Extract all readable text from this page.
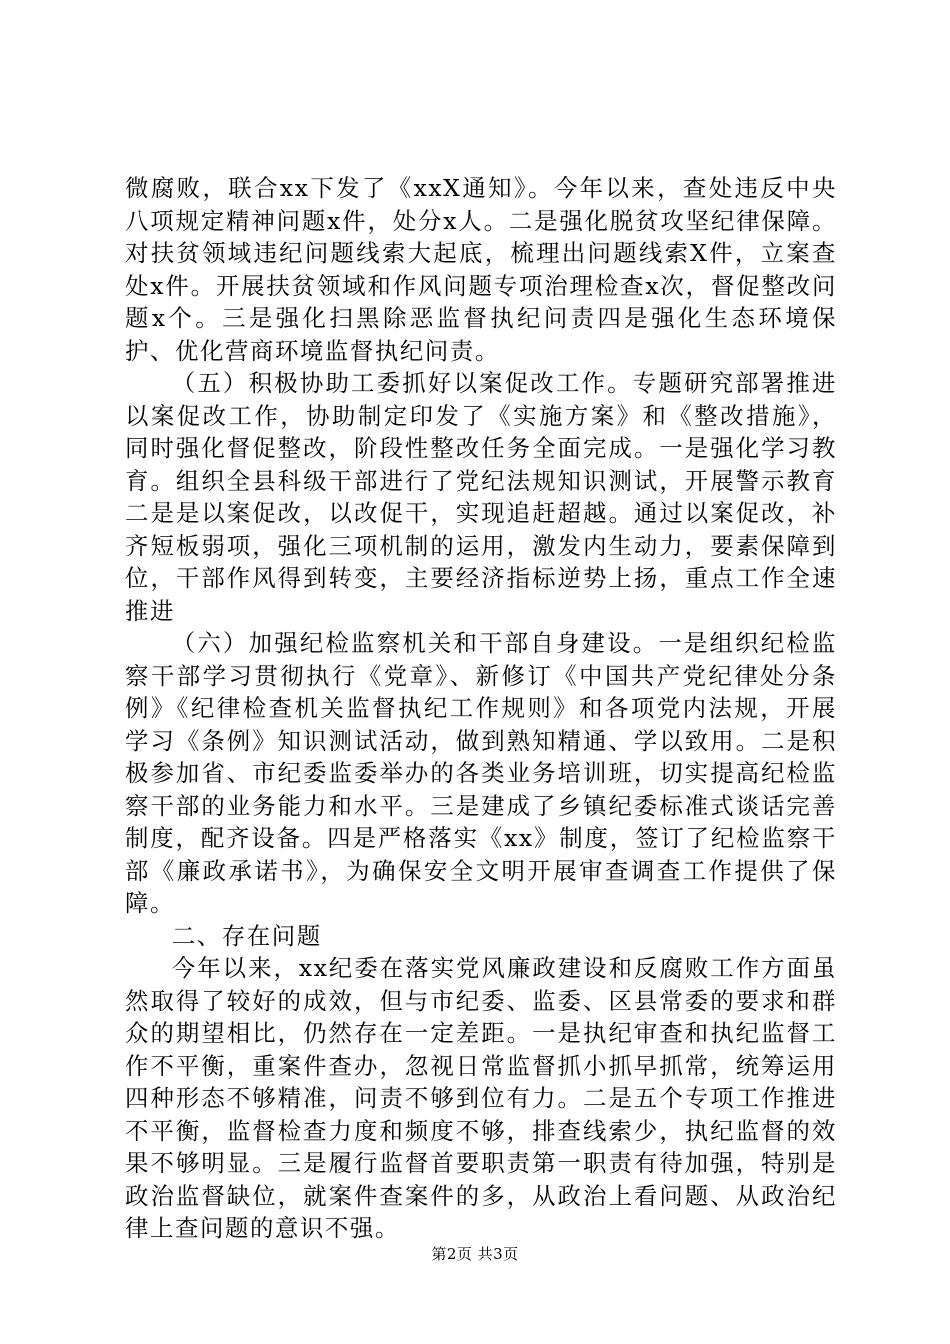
微腐败，联合xx下发了《xxX通知》。今年以来，查处违反中央八项规定精神问题x件，处分x人。二是强化脱贫攻坚纪律保障。对扶贫领域违纪问题线索大起底，梳理出问题线索X件，立案查处x件。开展扶贫领域和作风问题专项治理检查x次，督促整改问题x个。三是强化扫黑除恶监督执纪问责四是强化生态环境保护、优化营商环境监督执纪问责。

（五）积极协助工委抓好以案促改工作。专题研究部署推进以案促改工作，协助制定印发了《实施方案》和《整改措施》，同时强化督促整改，阶段性整改任务全面完成。一是强化学习教育。组织全县科级干部进行了党纪法规知识测试，开展警示教育二是是以案促改，以改促干，实现追赶超越。通过以案促改，补齐短板弱项，强化三项机制的运用，激发内生动力，要素保障到位，干部作风得到转变，主要经济指标逆势上扬，重点工作全速推进

（六）加强纪检监察机关和干部自身建设。一是组织纪检监察干部学习贯彻执行《党章》、新修订《中国共产党纪律处分条例》《纪律检查机关监督执纪工作规则》和各项党内法规，开展学习《条例》知识测试活动，做到熟知精通、学以致用。二是积极参加省、市纪委监委举办的各类业务培训班，切实提高纪检监察干部的业务能力和水平。三是建成了乡镇纪委标准式谈话完善制度，配齐设备。四是严格落实《xx》制度，签订了纪检监察干部《廉政承诺书》，为确保安全文明开展审查调查工作提供了保障。

二、存在问题

今年以来，xx纪委在落实党风廉政建设和反腐败工作方面虽然取得了较好的成效，但与市纪委、监委、区县常委的要求和群众的期望相比，仍然存在一定差距。一是执纪审查和执纪监督工作不平衡，重案件查办，忽视日常监督抓小抓早抓常，统筹运用四种形态不够精准，问责不够到位有力。二是五个专项工作推进不平衡，监督检查力度和频度不够，排查线索少，执纪监督的效果不够明显。三是履行监督首要职责第一职责有待加强，特别是政治监督缺位，就案件查案件的多，从政治上看问题、从政治纪律上查问题的意识不强。

第2页 共3页
